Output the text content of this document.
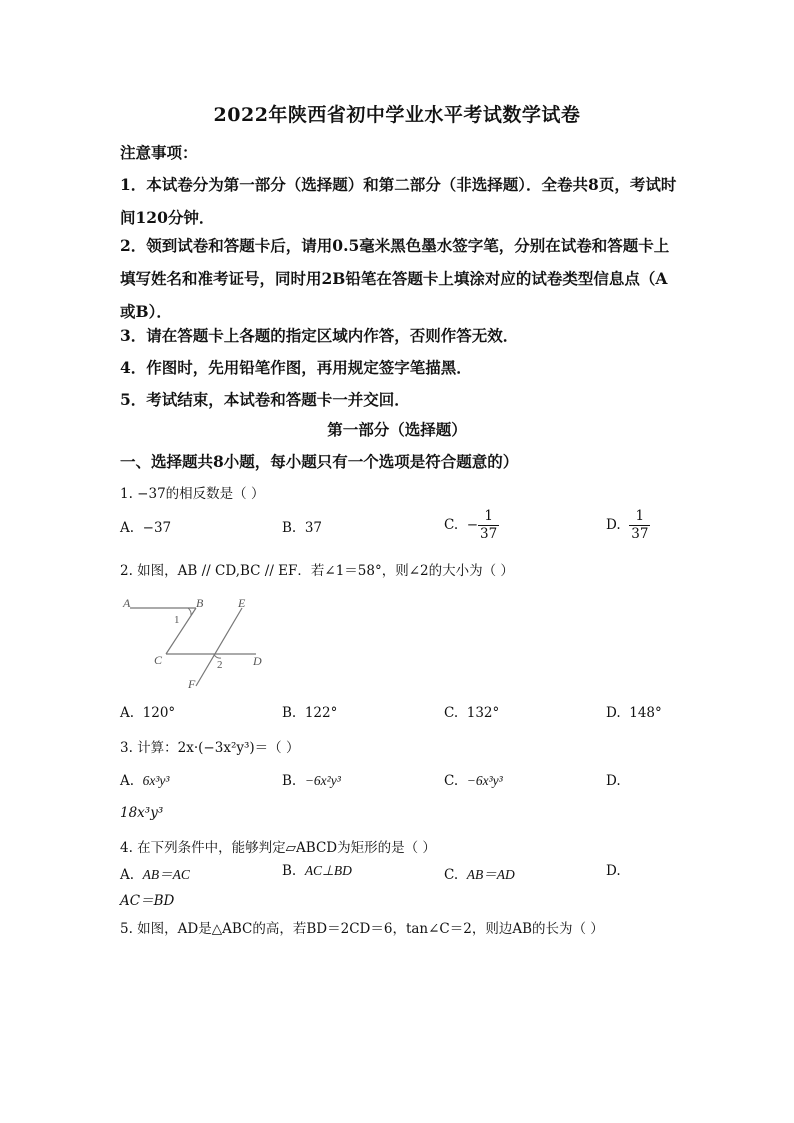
2022年陕西省初中学业水平考试数学试卷
注意事项：
1．本试卷分为第一部分（选择题）和第二部分（非选择题）．全卷共8页，考试时间120分钟．
2．领到试卷和答题卡后，请用0.5毫米黑色墨水签字笔，分别在试卷和答题卡上填写姓名和准考证号，同时用2B铅笔在答题卡上填涂对应的试卷类型信息点（A或B）．
3．请在答题卡上各题的指定区域内作答，否则作答无效．
4．作图时，先用铅笔作图，再用规定签字笔描黑．
5．考试结束，本试卷和答题卡一并交回．
第一部分（选择题）
一、选择题共8小题，每小题只有一个选项是符合题意的）
1. −37的相反数是（ ）
A. −37	B. 37	C. − $\frac{1}{37}$	D. $\frac{1}{37}$
2. 如图，AB // CD,BC // EF．若∠1＝58°，则∠2的大小为（ ）
A	B	E
C	D
F
1
2
A. 120°	B. 122°	C. 132°	D. 148°
3. 计算：2x·(−3x²y³)＝（ ）
A. 6x³y³	B. −6x²y³	C. −6x³y³	D.
18x³y³
4. 在下列条件中，能够判定▱ABCD为矩形的是（ ）
A. AB＝AC	B. AC⊥BD	C. AB＝AD	D.
AC＝BD
5. 如图，AD是△ABC的高，若BD＝2CD＝6，tan∠C＝2，则边AB的长为（ ）
